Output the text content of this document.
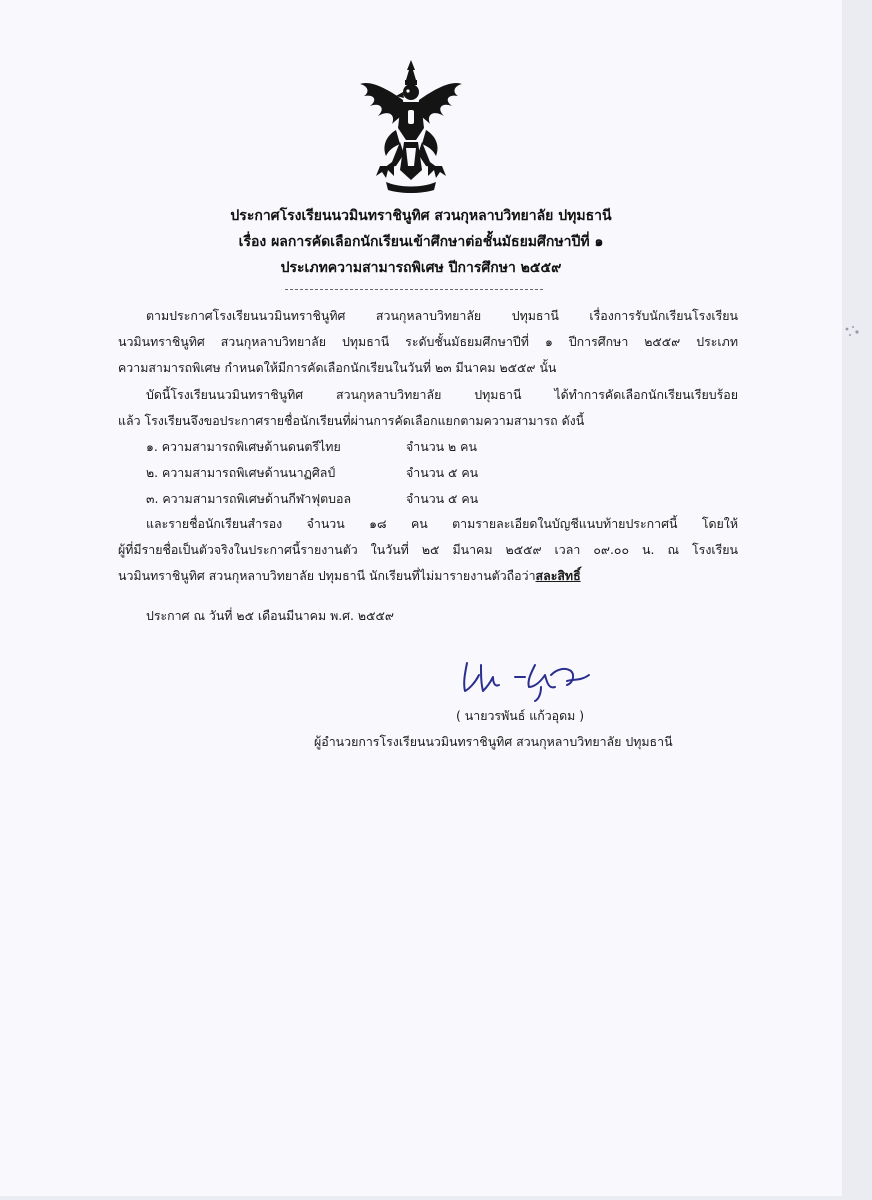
ประกาศโรงเรียนนวมินทราชินูทิศ สวนกุหลาบวิทยาลัย ปทุมธานี
เรื่อง ผลการคัดเลือกนักเรียนเข้าศึกษาต่อชั้นมัธยมศึกษาปีที่ ๑
ประเภทความสามารถพิเศษ ปีการศึกษา ๒๕๕๙
ตามประกาศโรงเรียนนวมินทราชินูทิศ สวนกุหลาบวิทยาลัย ปทุมธานี เรื่องการรับนักเรียนโรงเรียน
นวมินทราชินูทิศ สวนกุหลาบวิทยาลัย ปทุมธานี ระดับชั้นมัธยมศึกษาปีที่ ๑ ปีการศึกษา ๒๕๕๙ ประเภท
ความสามารถพิเศษ กำหนดให้มีการคัดเลือกนักเรียนในวันที่ ๒๓ มีนาคม ๒๕๕๙ นั้น
บัดนี้โรงเรียนนวมินทราชินูทิศ สวนกุหลาบวิทยาลัย ปทุมธานี ได้ทำการคัดเลือกนักเรียนเรียบร้อย
แล้ว โรงเรียนจึงขอประกาศรายชื่อนักเรียนที่ผ่านการคัดเลือกแยกตามความสามารถ ดังนี้
๑. ความสามารถพิเศษด้านดนตรีไทย	จำนวน ๒ คน
๒. ความสามารถพิเศษด้านนาฏศิลป์	จำนวน ๕ คน
๓. ความสามารถพิเศษด้านกีฬาฟุตบอล	จำนวน ๕ คน
และรายชื่อนักเรียนสำรอง จำนวน ๑๘ คน ตามรายละเอียดในบัญชีแนบท้ายประกาศนี้ โดยให้
ผู้ที่มีรายชื่อเป็นตัวจริงในประกาศนี้รายงานตัว ในวันที่ ๒๕ มีนาคม ๒๕๕๙ เวลา ๐๙.๐๐ น. ณ โรงเรียน
นวมินทราชินูทิศ สวนกุหลาบวิทยาลัย ปทุมธานี นักเรียนที่ไม่มารายงานตัวถือว่าสละสิทธิ์
ประกาศ ณ วันที่ ๒๕ เดือนมีนาคม พ.ศ. ๒๕๕๙
( นายวรพันธ์ แก้วอุดม )
ผู้อำนวยการโรงเรียนนวมินทราชินูทิศ สวนกุหลาบวิทยาลัย ปทุมธานี
